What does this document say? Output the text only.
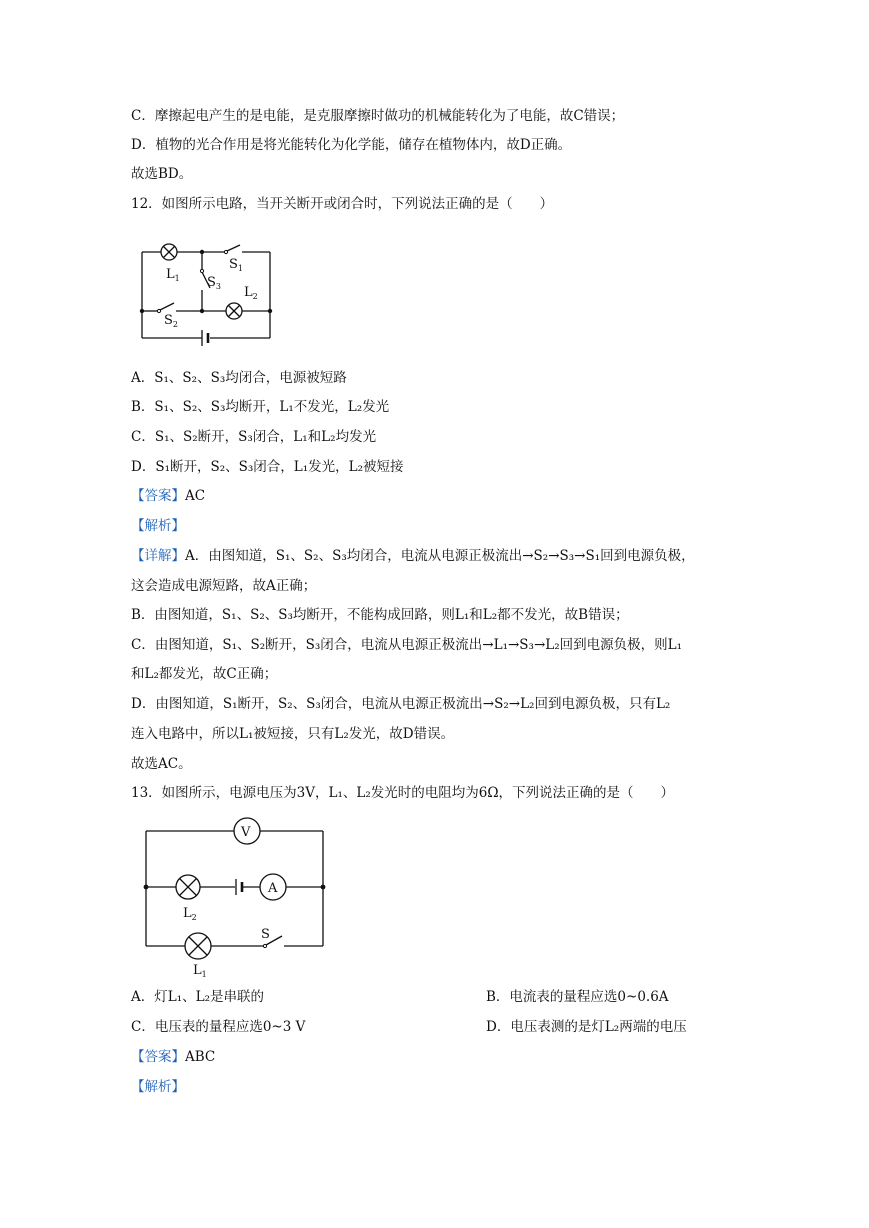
C．摩擦起电产生的是电能，是克服摩擦时做功的机械能转化为了电能，故C错误；
D．植物的光合作用是将光能转化为化学能，储存在植物体内，故D正确。
故选BD。
12．如图所示电路，当开关断开或闭合时，下列说法正确的是（　　）
$L_1$
$S_1$
$S_3$ $L_2$
$S_2$
A．S₁、S₂、S₃均闭合，电源被短路
B．S₁、S₂、S₃均断开，L₁不发光，L₂发光
C．S₁、S₂断开，S₃闭合，L₁和L₂均发光
D．S₁断开，S₂、S₃闭合，L₁发光，L₂被短接
【答案】AC
【解析】
【详解】A．由图知道，S₁、S₂、S₃均闭合，电流从电源正极流出→S₂→S₃→S₁回到电源负极，
这会造成电源短路，故A正确；
B．由图知道，S₁、S₂、S₃均断开，不能构成回路，则L₁和L₂都不发光，故B错误；
C．由图知道，S₁、S₂断开，S₃闭合，电流从电源正极流出→L₁→S₃→L₂回到电源负极，则L₁
和L₂都发光，故C正确；
D．由图知道，S₁断开，S₂、S₃闭合，电流从电源正极流出→S₂→L₂回到电源负极，只有L₂
连入电路中，所以L₁被短接，只有L₂发光，故D错误。
故选AC。
13．如图所示，电源电压为3V，L₁、L₂发光时的电阻均为6Ω，下列说法正确的是（　　）
V
A
$L_2$
S
$L_1$
A．灯L₁、L₂是串联的	B．电流表的量程应选0~0.6A
C．电压表的量程应选0~3 V	D．电压表测的是灯L₂两端的电压
【答案】ABC
【解析】
